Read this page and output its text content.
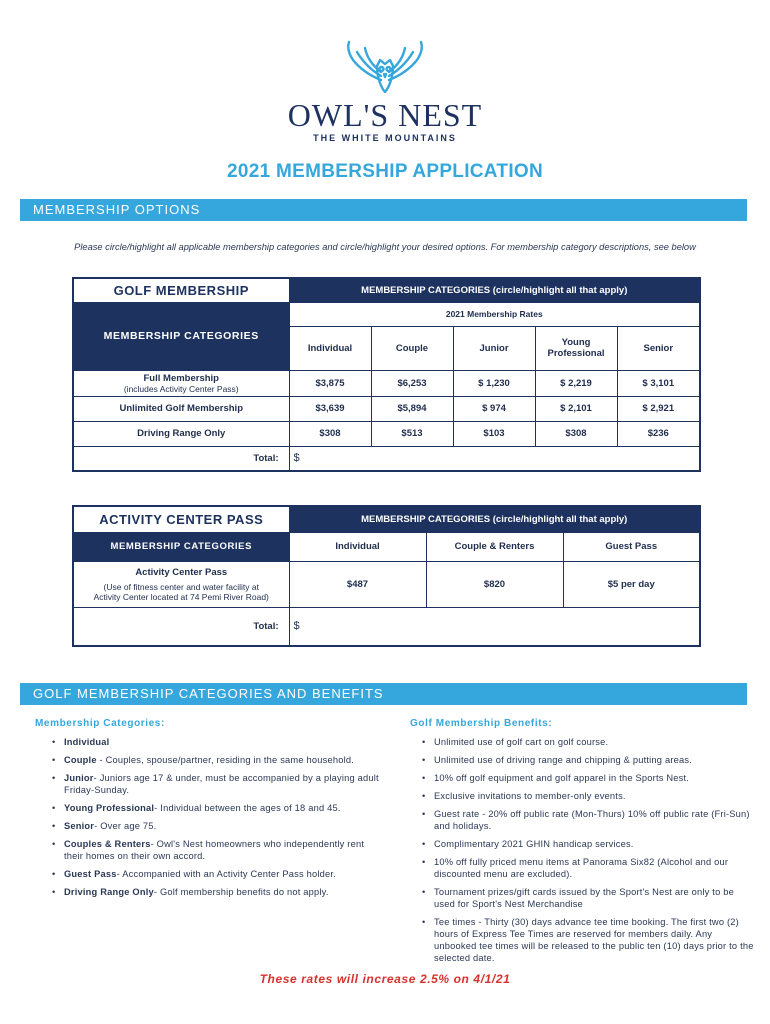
OWL'S NEST
THE WHITE MOUNTAINS
2021 MEMBERSHIP APPLICATION
MEMBERSHIP OPTIONS
Please circle/highlight all applicable membership categories and circle/highlight your desired options. For membership category descriptions, see below
GOLF MEMBERSHIP	MEMBERSHIP CATEGORIES (circle/highlight all that apply)				
MEMBERSHIP CATEGORIES	2021 Membership Rates				
	Individual	Couple	Junior	Young Professional	Senior

Full Membership
(includes Activity Center Pass)	$3,875	$6,253	$ 1,230	$ 2,219	$ 3,101
Unlimited Golf Membership	$3,639	$5,894	$ 974	$ 2,101	$ 2,921
Driving Range Only	$308	$513	$103	$308	$236
Total:	$				
ACTIVITY CENTER PASS	MEMBERSHIP CATEGORIES (circle/highlight all that apply)		
MEMBERSHIP CATEGORIES	Individual	Couple & Renters	Guest Pass

Activity Center Pass
(Use of fitness center and water facility at
Activity Center located at 74 Pemi River Road)	$487	$820	$5 per day
Total:	$		
GOLF MEMBERSHIP CATEGORIES AND BENEFITS
Membership Categories:
• Individual
• Couple - Couples, spouse/partner, residing in the same household.
• Junior- Juniors age 17 & under, must be accompanied by a playing adult Friday-Sunday.
• Young Professional- Individual between the ages of 18 and 45.
• Senior- Over age 75.
• Couples & Renters- Owl's Nest homeowners who independently rent their homes on their own accord.
• Guest Pass- Accompanied with an Activity Center Pass holder.
• Driving Range Only- Golf membership benefits do not apply.
Golf Membership Benefits:
• Unlimited use of golf cart on golf course.
• Unlimited use of driving range and chipping & putting areas.
• 10% off golf equipment and golf apparel in the Sports Nest.
• Exclusive invitations to member-only events.
• Guest rate - 20% off public rate (Mon-Thurs) 10% off public rate (Fri-Sun) and holidays.
• Complimentary 2021 GHIN handicap services.
• 10% off fully priced menu items at Panorama Six82 (Alcohol and our discounted menu are excluded).
• Tournament prizes/gift cards issued by the Sport's Nest are only to be used for Sport's Nest Merchandise
• Tee times - Thirty (30) days advance tee time booking. The first two (2) hours of Express Tee Times are reserved for members daily. Any unbooked tee times will be released to the public ten (10) days prior to the selected date.
These rates will increase 2.5% on 4/1/21
